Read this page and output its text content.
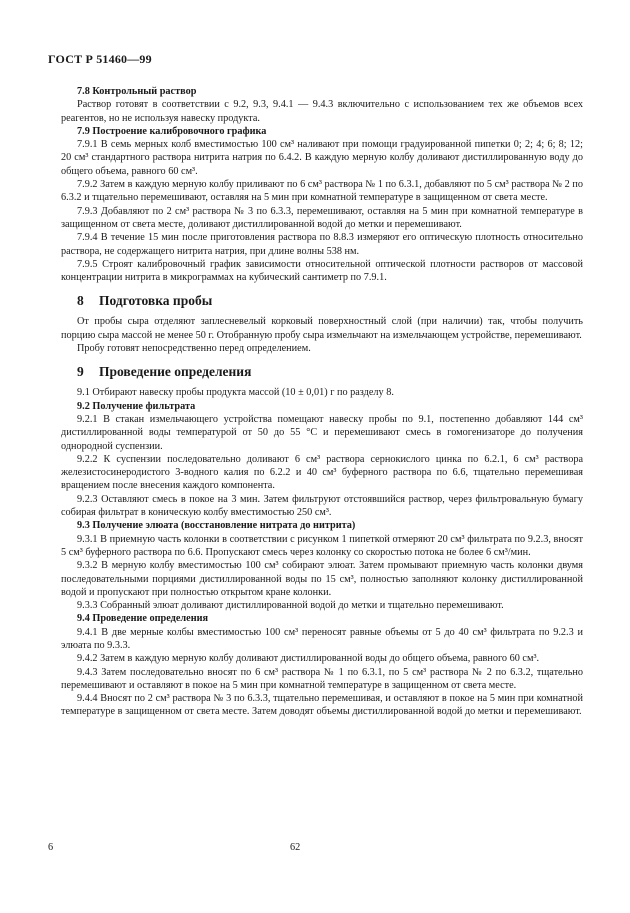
ГОСТ Р 51460—99

7.8 Контрольный раствор

Раствор готовят в соответствии с 9.2, 9.3, 9.4.1 — 9.4.3 включительно с использованием тех же объемов всех реагентов, но не используя навеску продукта.

7.9 Построение калибровочного графика

7.9.1 В семь мерных колб вместимостью 100 см³ наливают при помощи градуированной пипетки 0; 2; 4; 6; 8; 12; 20 см³ стандартного раствора нитрита натрия по 6.4.2. В каждую мерную колбу доливают дистиллированную воду до общего объема, равного 60 см³.

7.9.2 Затем в каждую мерную колбу приливают по 6 см³ раствора № 1 по 6.3.1, добавляют по 5 см³ раствора № 2 по 6.3.2 и тщательно перемешивают, оставляя на 5 мин при комнатной температуре в защищенном от света месте.

7.9.3 Добавляют по 2 см³ раствора № 3 по 6.3.3, перемешивают, оставляя на 5 мин при комнатной температуре в защищенном от света месте, доливают дистиллированной водой до метки и перемешивают.

7.9.4 В течение 15 мин после приготовления раствора по 8.8.3 измеряют его оптическую плотность относительно раствора, не содержащего нитрита натрия, при длине волны 538 нм.

7.9.5 Строят калибровочный график зависимости относительной оптической плотности растворов от массовой концентрации нитрита в микрограммах на кубический сантиметр по 7.9.1.

8 Подготовка пробы

От пробы сыра отделяют заплесневелый корковый поверхностный слой (при наличии) так, чтобы получить порцию сыра массой не менее 50 г. Отобранную пробу сыра измельчают на измельчающем устройстве, перемешивают.

Пробу готовят непосредственно перед определением.

9 Проведение определения

9.1 Отбирают навеску пробы продукта массой (10 ± 0,01) г по разделу 8.

9.2 Получение фильтрата

9.2.1 В стакан измельчающего устройства помещают навеску пробы по 9.1, постепенно добавляют 144 см³ дистиллированной воды температурой от 50 до 55 °С и перемешивают смесь в гомогенизаторе до получения однородной суспензии.

9.2.2 К суспензии последовательно доливают 6 см³ раствора сернокислого цинка по 6.2.1, 6 см³ раствора железистосинеродистого 3-водного калия по 6.2.2 и 40 см³ буферного раствора по 6.6, тщательно перемешивая вращением после внесения каждого компонента.

9.2.3 Оставляют смесь в покое на 3 мин. Затем фильтруют отстоявшийся раствор, через фильтровальную бумагу собирая фильтрат в коническую колбу вместимостью 250 см³.

9.3 Получение элюата (восстановление нитрата до нитрита)

9.3.1 В приемную часть колонки в соответствии с рисунком 1 пипеткой отмеряют 20 см³ фильтрата по 9.2.3, вносят 5 см³ буферного раствора по 6.6. Пропускают смесь через колонку со скоростью потока не более 6 см³/мин.

9.3.2 В мерную колбу вместимостью 100 см³ собирают элюат. Затем промывают приемную часть колонки двумя последовательными порциями дистиллированной воды по 15 см³, полностью заполняют колонку дистиллированной водой и пропускают при полностью открытом кране колонки.

9.3.3 Собранный элюат доливают дистиллированной водой до метки и тщательно перемешивают.

9.4 Проведение определения

9.4.1 В две мерные колбы вместимостью 100 см³ переносят равные объемы от 5 до 40 см³ фильтрата по 9.2.3 и элюата по 9.3.3.

9.4.2 Затем в каждую мерную колбу доливают дистиллированной воды до общего объема, равного 60 см³.

9.4.3 Затем последовательно вносят по 6 см³ раствора № 1 по 6.3.1, по 5 см³ раствора № 2 по 6.3.2, тщательно перемешивают и оставляют в покое на 5 мин при комнатной температуре в защищенном от света месте.

9.4.4 Вносят по 2 см³ раствора № 3 по 6.3.3, тщательно перемешивая, и оставляют в покое на 5 мин при комнатной температуре в защищенном от света месте. Затем доводят объемы дистиллированной водой до метки и перемешивают.

6	62
